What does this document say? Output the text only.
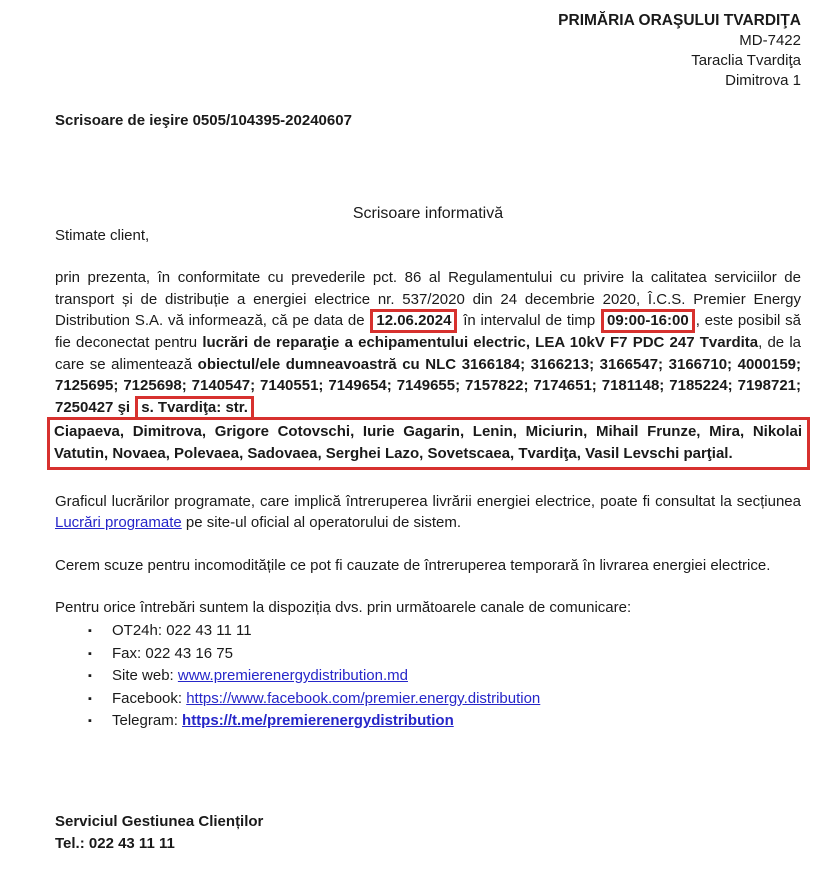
PRIMĂRIA ORAŞULUI TVARDIŢA
MD-7422
Taraclia Tvardiţa
Dimitrova 1
Scrisoare de ieşire 0505/104395-20240607
Scrisoare informativă
Stimate client,

prin prezenta, în conformitate cu prevederile pct. 86 al Regulamentului cu privire la calitatea serviciilor de transport și de distribuție a energiei electrice nr. 537/2020 din 24 decembrie 2020, Î.C.S. Premier Energy Distribution S.A. vă informează, că pe data de 12.06.2024 în intervalul de timp 09:00-16:00 , este posibil să fie deconectat pentru lucrări de reparaţie a echipamentului electric, LEA 10kV F7 PDC 247 Tvardita, de la care se alimentează obiectul/ele dumneavoastră cu NLC 3166184; 3166213; 3166547; 3166710; 4000159; 7125695; 7125698; 7140547; 7140551; 7149654; 7149655; 7157822; 7174651; 7181148; 7185224; 7198721; 7250427 şi s. Tvardiţa: str.

Ciapaeva, Dimitrova, Grigore Cotovschi, Iurie Gagarin, Lenin, Miciurin, Mihail Frunze, Mira, Nikolai Vatutin, Novaea, Polevaea, Sadovaea, Serghei Lazo, Sovetscaea, Tvardiţa, Vasil Levschi parţial.

Graficul lucrărilor programate, care implică întreruperea livrării energiei electrice, poate fi consultat la secțiunea Lucrări programate pe site-ul oficial al operatorului de sistem.

Cerem scuze pentru incomoditățile ce pot fi cauzate de întreruperea temporară în livrarea energiei electrice.

Pentru orice întrebări suntem la dispoziția dvs. prin următoarele canale de comunicare:

▪ OT24h: 022 43 11 11
▪ Fax: 022 43 16 75
▪ Site web: www.premierenergydistribution.md
▪ Facebook: https://www.facebook.com/premier.energy.distribution
▪ Telegram: https://t.me/premierenergydistribution
Serviciul Gestiunea Clienților
Tel.: 022 43 11 11
